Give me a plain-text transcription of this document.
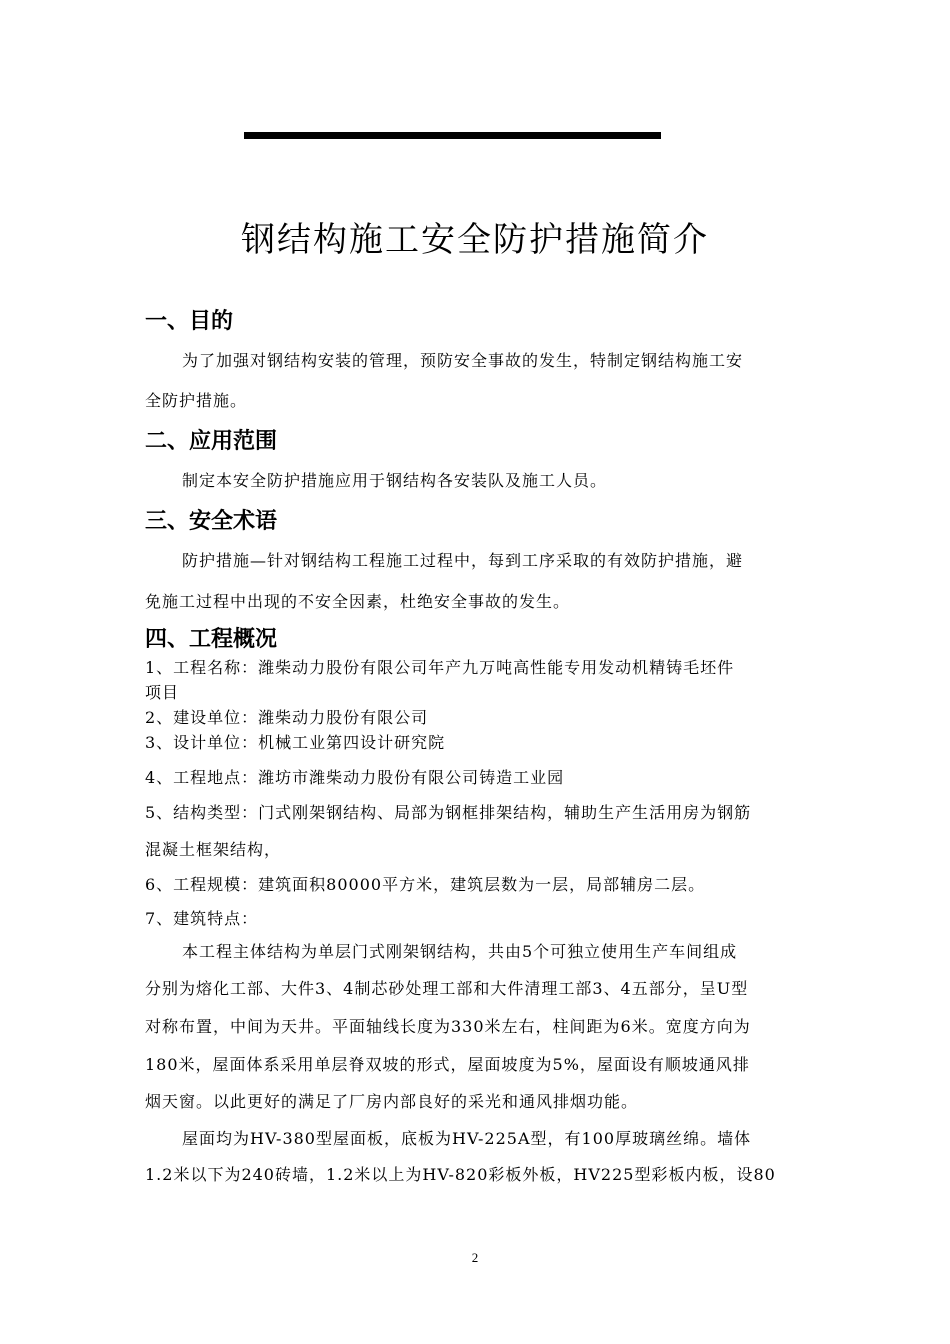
钢结构施工安全防护措施简介
一、目的
为了加强对钢结构安装的管理，预防安全事故的发生，特制定钢结构施工安
全防护措施。
二、应用范围
制定本安全防护措施应用于钢结构各安装队及施工人员。
三、安全术语
防护措施—针对钢结构工程施工过程中，每到工序采取的有效防护措施，避
免施工过程中出现的不安全因素，杜绝安全事故的发生。
四、工程概况
1、工程名称：潍柴动力股份有限公司年产九万吨高性能专用发动机精铸毛坯件
项目
2、建设单位：潍柴动力股份有限公司
3、设计单位：机械工业第四设计研究院
4、工程地点：潍坊市潍柴动力股份有限公司铸造工业园
5、结构类型：门式刚架钢结构、局部为钢框排架结构，辅助生产生活用房为钢筋
混凝土框架结构，
6、工程规模：建筑面积80000平方米，建筑层数为一层，局部辅房二层。
7、建筑特点：
本工程主体结构为单层门式刚架钢结构，共由5个可独立使用生产车间组成
分别为熔化工部、大件3、4制芯砂处理工部和大件清理工部3、4五部分，呈U型
对称布置，中间为天井。平面轴线长度为330米左右，柱间距为6米。宽度方向为
180米，屋面体系采用单层脊双坡的形式，屋面坡度为5%，屋面设有顺坡通风排
烟天窗。以此更好的满足了厂房内部良好的采光和通风排烟功能。
屋面均为HV-380型屋面板，底板为HV-225A型，有100厚玻璃丝绵。墙体
1.2米以下为240砖墙，1.2米以上为HV-820彩板外板，HV225型彩板内板，设80
2
